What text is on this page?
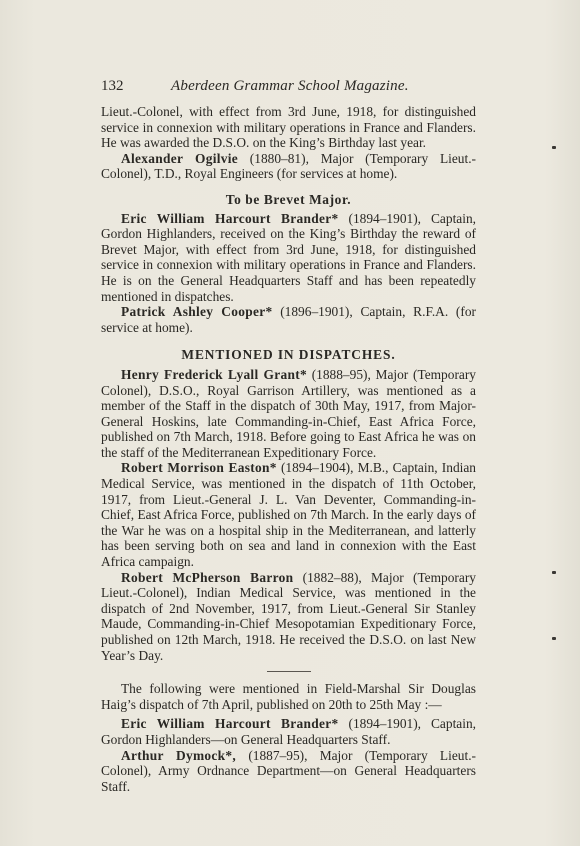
132	Aberdeen Grammar School Magazine.

Lieut.-Colonel, with effect from 3rd June, 1918, for distinguished service in connexion with military operations in France and Flanders. He was awarded the D.S.O. on the King’s Birthday last year.

Alexander Ogilvie (1880–81), Major (Temporary Lieut.-Colonel), T.D., Royal Engineers (for services at home).

To be Brevet Major.

Eric William Harcourt Brander* (1894–1901), Captain, Gordon Highlanders, received on the King’s Birthday the reward of Brevet Major, with effect from 3rd June, 1918, for distinguished service in connexion with military operations in France and Flanders. He is on the General Headquarters Staff and has been repeatedly mentioned in dispatches.

Patrick Ashley Cooper* (1896–1901), Captain, R.F.A. (for service at home).

MENTIONED IN DISPATCHES.

Henry Frederick Lyall Grant* (1888–95), Major (Temporary Colonel), D.S.O., Royal Garrison Artillery, was mentioned as a member of the Staff in the dispatch of 30th May, 1917, from Major-General Hoskins, late Commanding-in-Chief, East Africa Force, published on 7th March, 1918. Before going to East Africa he was on the staff of the Mediterranean Expeditionary Force.

Robert Morrison Easton* (1894–1904), M.B., Captain, Indian Medical Service, was mentioned in the dispatch of 11th October, 1917, from Lieut.-General J. L. Van Deventer, Commanding-in-Chief, East Africa Force, published on 7th March. In the early days of the War he was on a hospital ship in the Mediterranean, and latterly has been serving both on sea and land in connexion with the East Africa campaign.

Robert McPherson Barron (1882–88), Major (Temporary Lieut.-Colonel), Indian Medical Service, was mentioned in the dispatch of 2nd November, 1917, from Lieut.-General Sir Stanley Maude, Commanding-in-Chief Mesopotamian Expeditionary Force, published on 12th March, 1918. He received the D.S.O. on last New Year’s Day.

The following were mentioned in Field-Marshal Sir Douglas Haig’s dispatch of 7th April, published on 20th to 25th May :—

Eric William Harcourt Brander* (1894–1901), Captain, Gordon Highlanders—on General Headquarters Staff.

Arthur Dymock*, (1887–95), Major (Temporary Lieut.-Colonel), Army Ordnance Department—on General Headquarters Staff.
